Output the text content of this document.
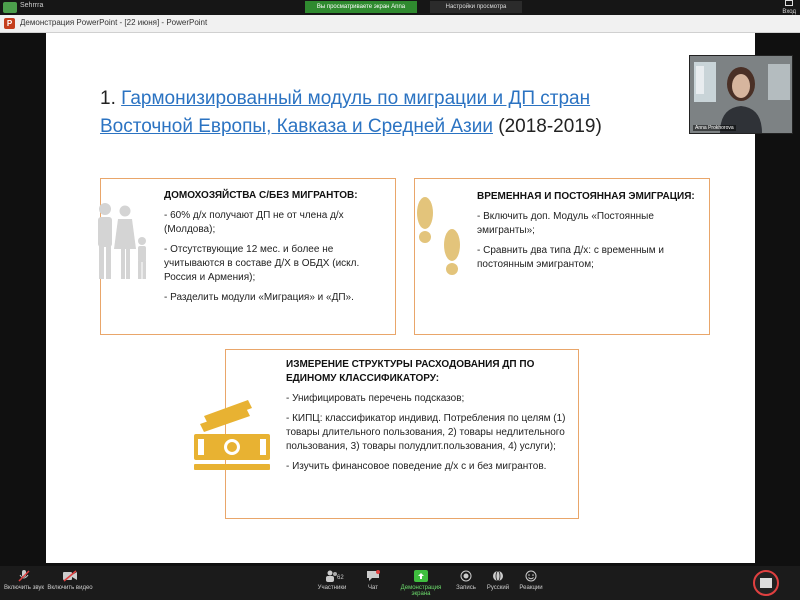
Sehrrra	Вы просматриваете экран Anna	Настройки просмотра

Вход
P Демонстрация PowerPoint - [22 июня] - PowerPoint
1. Гармонизированный модуль по миграции и ДП стран Восточной Европы, Кавказа и Средней Азии (2018-2019)
ДОМОХОЗЯЙСТВА С/БЕЗ МИГРАНТОВ:

- 60% д/х получают ДП не от члена д/х (Молдова);

- Отсутствующие 12 мес. и более не учитываются в составе Д/Х в ОБДХ (искл. Россия и Армения);

- Разделить модули «Миграция» и «ДП».

ВРЕМЕННАЯ И ПОСТОЯННАЯ ЭМИГРАЦИЯ:

- Включить доп. Модуль «Постоянные эмигранты»;

- Сравнить два типа Д/х: с временным и постоянным эмигрантом;

ИЗМЕРЕНИЕ СТРУКТУРЫ РАСХОДОВАНИЯ ДП ПО ЕДИНОМУ КЛАССИФИКАТОРУ:

- Унифицировать перечень подсказов;

- КИПЦ: классификатор индивид. Потребления по целям (1) товары длительного пользования, 2) товары недлительного пользования, 3) товары полудлит.пользования, 4) услуги);

- Изучить финансовое поведение д/х с и без мигрантов.

Anna Prokhorova
Включить звук Включить видео	Участники
62
Чат	Демонстрация экрана
Запись	Русский	Реакции
